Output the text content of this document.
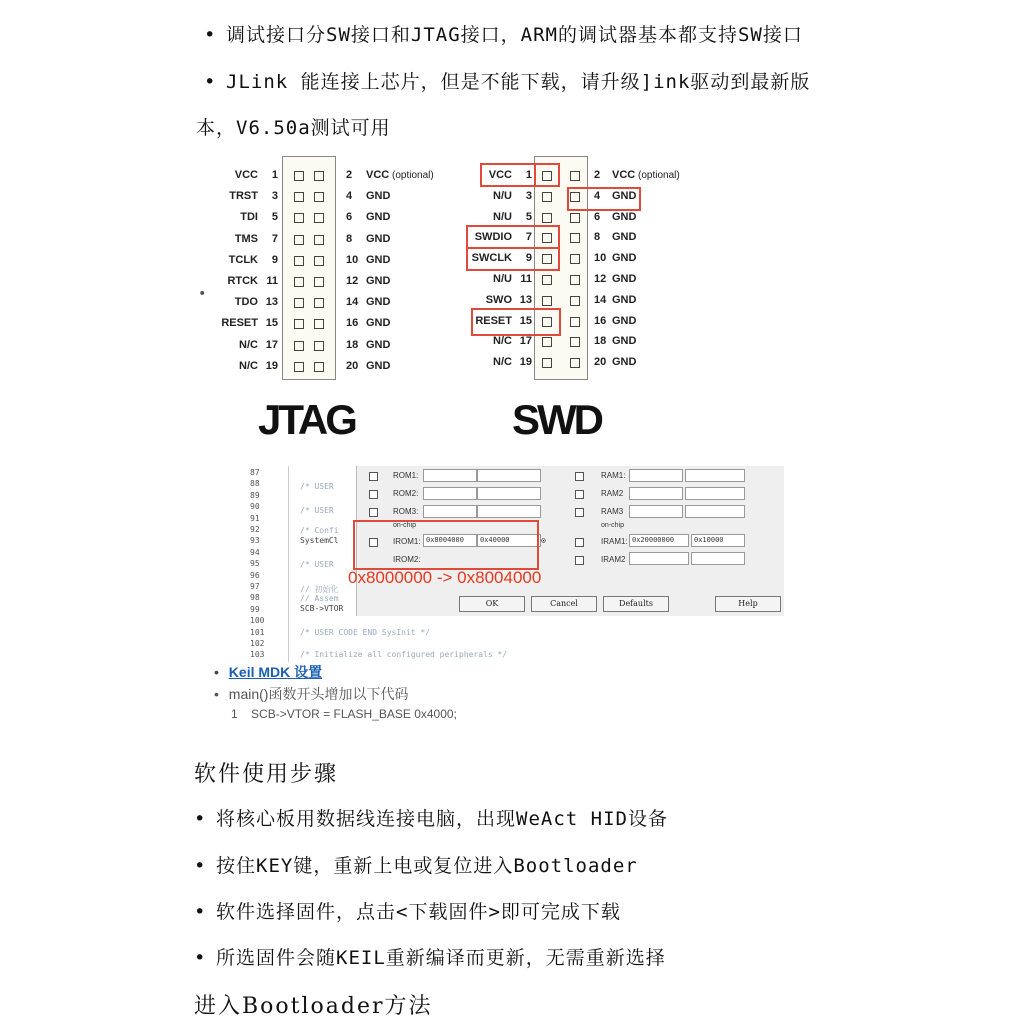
• 调试接口分SW接口和JTAG接口，ARM的调试器基本都支持SW接口
• JLink 能连接上芯片，但是不能下载，请升级]ink驱动到最新版
本，V6.50a测试可用
•
VCC	1	2 VCC (optional)
TRST	3	4 GND
TDI	5	6 GND
TMS	7	8 GND
TCLK	9	10 GND
RTCK 11	12 GND
TDO 13	14 GND
RESET 15	16 GND
N/C 17	18 GND
N/C 19	20 GND
JTAG
VCC	1	2 VCC (optional)
N/U	3	4 GND
N/U	5	6 GND
SWDIO	7	8 GND
SWCLK	9	10 GND
N/U 11	12 GND
SWO 13	14 GND
RESET 15	16 GND
N/C 17	18 GND
N/C 19	20 GND
SWD
87
88
89
90
91
92
93
94
95
96
97
98
99
100
101
102
103
/* USER
/* USER
/* Confi
SystemCl
/* USER
// 初始化
// Assem
SCB->VTOR
/* USER CODE END SysInit */
/* Initialize all configured peripherals */
ROM1:
ROM2:
ROM3:
on-chip
IROM1: 0x8004000	0x40000
IROM2:
⊙
RAM1:
RAM2
RAM3
on-chip
IRAM1: 0x20000000	0x10000
IRAM2
OK	Cancel	Defaults	Help
0x8000000 -> 0x8004000
• Keil MDK 设置
• main()函数开头增加以下代码
1 SCB->VTOR = FLASH_BASE 0x4000;
软件使用步骤
• 将核心板用数据线连接电脑，出现WeAct HID设备
• 按住KEY键，重新上电或复位进入Bootloader
• 软件选择固件，点击<下载固件>即可完成下载
• 所选固件会随KEIL重新编译而更新，无需重新选择
进入Bootloader方法
